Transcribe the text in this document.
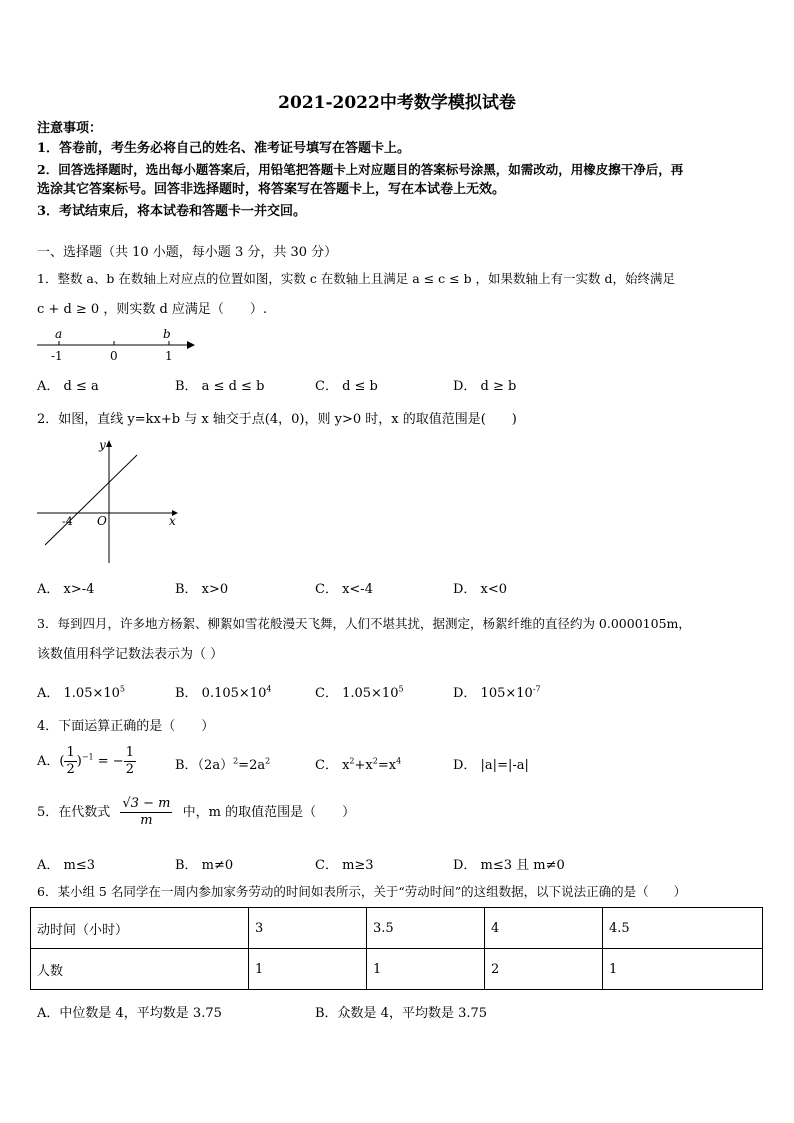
2021-2022中考数学模拟试卷
注意事项：
1．答卷前，考生务必将自己的姓名、准考证号填写在答题卡上。
2．回答选择题时，选出每小题答案后，用铅笔把答题卡上对应题目的答案标号涂黑，如需改动，用橡皮擦干净后，再
选涂其它答案标号。回答非选择题时，将答案写在答题卡上，写在本试卷上无效。
3．考试结束后，将本试卷和答题卡一并交回。
一、选择题（共 10 小题，每小题 3 分，共 30 分）
1．整数 a、b 在数轴上对应点的位置如图，实数 c 在数轴上且满足 a ≤ c ≤ b ，如果数轴上有一实数 d，始终满足
c + d ≥ 0 ，则实数 d 应满足（　　）.
a	b
-1	0	1
A． d ≤ a	B． a ≤ d ≤ b	C． d ≤ b	D． d ≥ b
2．如图，直线 y=kx+b 与 x 轴交于点(4，0)，则 y>0 时，x 的取值范围是(　　)
y
x
O
-4
A． x>-4	B． x>0	C． x<-4	D． x<0
3．每到四月，许多地方杨絮、柳絮如雪花般漫天飞舞，人们不堪其扰，据测定，杨絮纤维的直径约为 0.0000105m，
该数值用科学记数法表示为（ ）
A． $1.05\times 10^5$	B． $0.105\times 10^4$	C． $1.05\times 10^5$	D． $105\times 10^{-7}$
4．下面运算正确的是（　　）
A．( $\frac{1}{2} )^{-1}$ = − $\frac{1}{2}$	B．$(2a)^2=2a^2$	C． $x^2+x^2=x^4$	D． |a|=|-a|
5．在代数式 $\frac{√3 - m}{m}$ 中，m 的取值范围是（　　）
A． m≤3	B． m≠0	C． m≥3	D． m≤3 且 m≠0
6．某小组 5 名同学在一周内参加家务劳动的时间如表所示，关于“劳动时间”的这组数据，以下说法正确的是（　　）
动时间（小时）	3	3.5	4	4.5
人数	1	1	2	1
A．中位数是 4，平均数是 3.75	B．众数是 4，平均数是 3.75
